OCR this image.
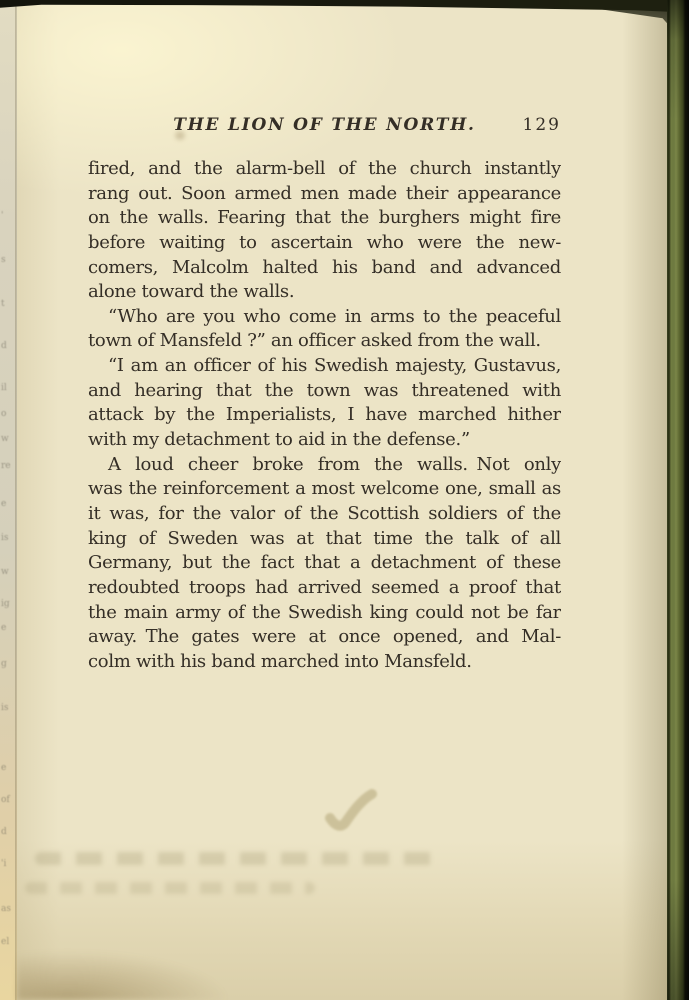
'
s
t
d
il
o
w
re
e
is
w
ig
e
g
is
e
of
d
'i
as
el
THE LION OF THE NORTH.	129
fired, and the alarm-bell of the church instantly
rang out. Soon armed men made their appearance
on the walls. Fearing that the burghers might fire
before waiting to ascertain who were the new-
comers, Malcolm halted his band and advanced
alone toward the walls.
“Who are you who come in arms to the peaceful
town of Mansfeld ?” an officer asked from the wall.
“I am an officer of his Swedish majesty, Gustavus,
and hearing that the town was threatened with
attack by the Imperialists, I have marched hither
with my detachment to aid in the defense.”
A loud cheer broke from the walls. Not only
was the reinforcement a most welcome one, small as
it was, for the valor of the Scottish soldiers of the
king of Sweden was at that time the talk of all
Germany, but the fact that a detachment of these
redoubted troops had arrived seemed a proof that
the main army of the Swedish king could not be far
away. The gates were at once opened, and Mal-
colm with his band marched into Mansfeld.
